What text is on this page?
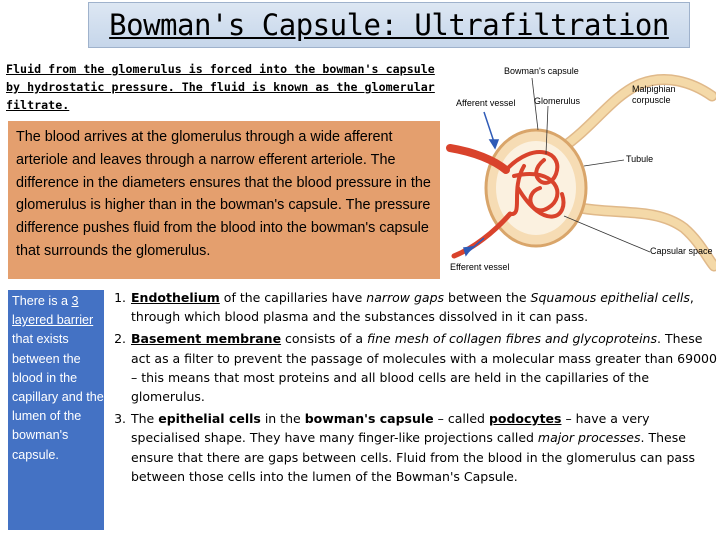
Bowman's Capsule: Ultrafiltration
Fluid from the glomerulus is forced into the bowman's capsule by hydrostatic pressure. The fluid is known as the glomerular filtrate.
The blood arrives at the glomerulus through a wide afferent arteriole and leaves through a narrow efferent arteriole. The difference in the diameters ensures that the blood pressure in the glomerulus is higher than in the bowman's capsule. The pressure difference pushes fluid from the blood into the bowman's capsule that surrounds the glomerulus.
Bowman's capsule
Afferent vessel Glomerulus
Malpighian
corpuscle
Tubule
Efferent vessel
Capsular space
There is a 3 layered barrier that exists between the blood in the capillary and the lumen of the bowman's capsule.
1. Endothelium of the capillaries have narrow gaps between the Squamous epithelial cells, through which blood plasma and the substances dissolved in it can pass.
2. Basement membrane consists of a fine mesh of collagen fibres and glycoproteins. These act as a filter to prevent the passage of molecules with a molecular mass greater than 69000 – this means that most proteins and all blood cells are held in the capillaries of the glomerulus.
3. The epithelial cells in the bowman's capsule – called podocytes – have a very specialised shape. They have many finger-like projections called major processes. These ensure that there are gaps between cells. Fluid from the blood in the glomerulus can pass between those cells into the lumen of the Bowman's Capsule.
